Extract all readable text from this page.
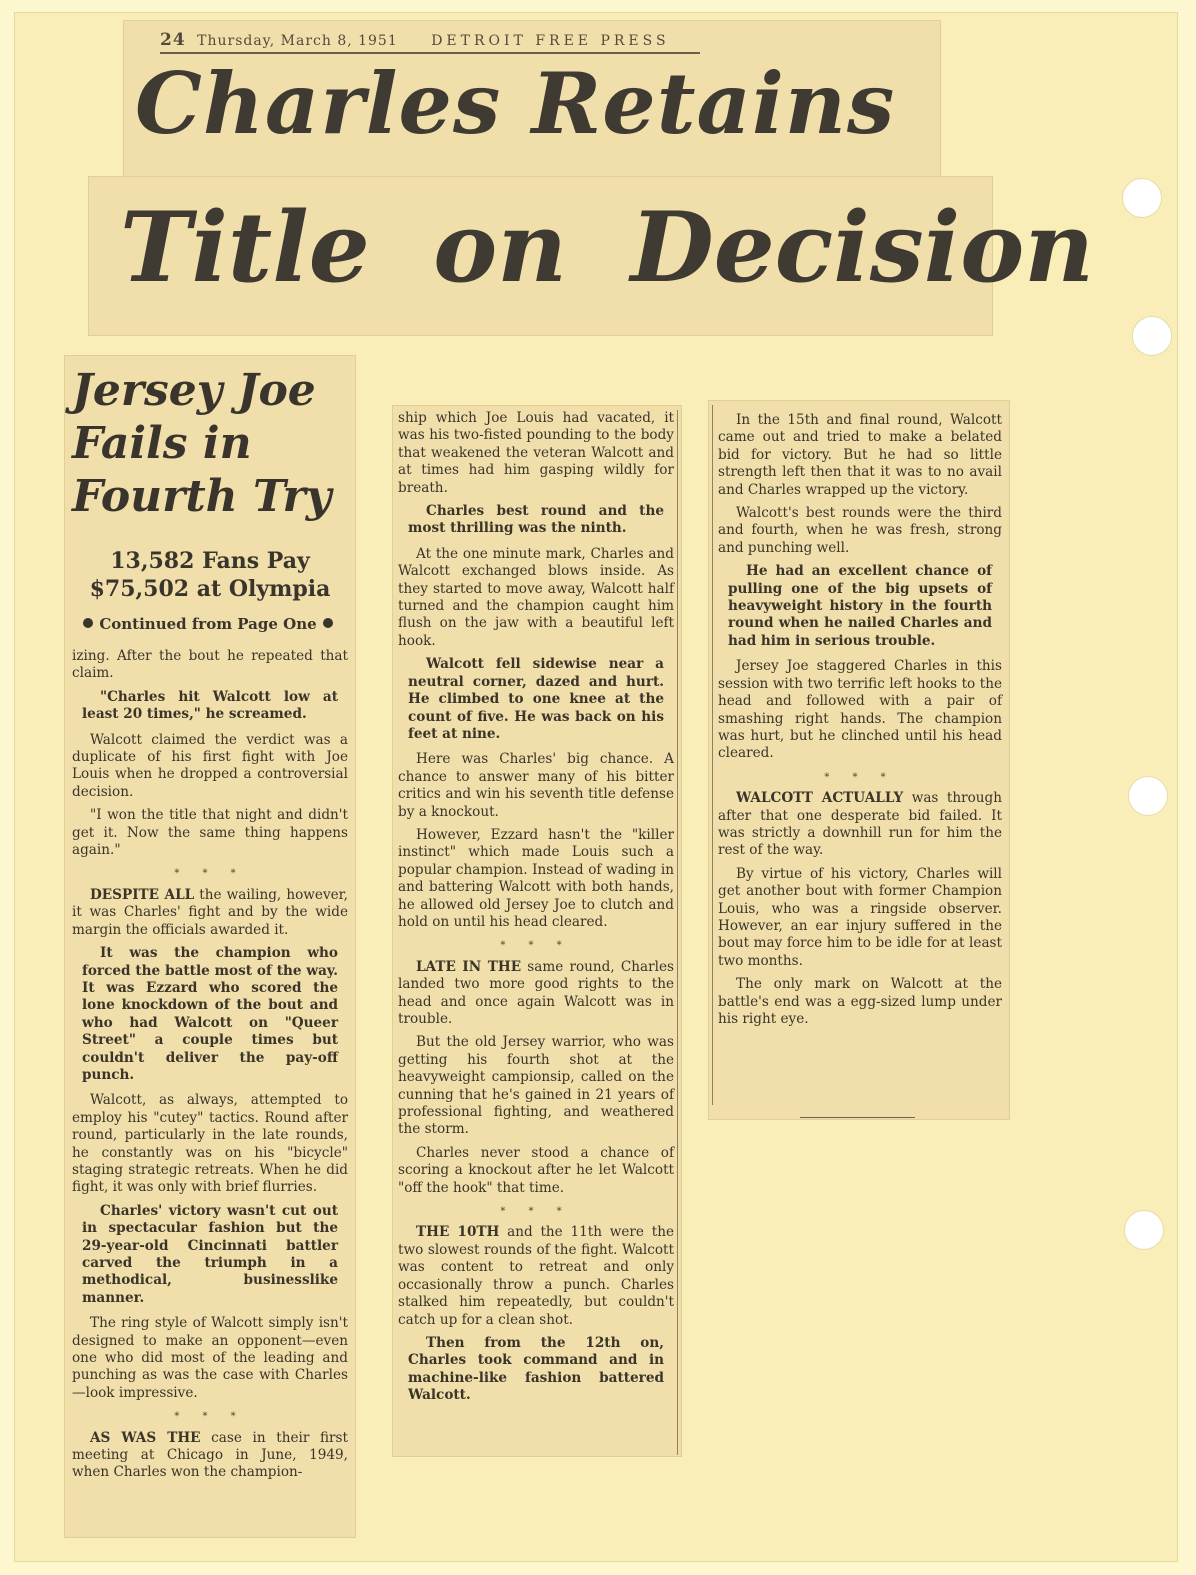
24 Thursday, March 8, 1951 DETROIT FREE PRESS
Charles Retains
Title on Decision
Jersey Joe
Fails in
Fourth Try
13,582 Fans Pay
$75,502 at Olympia
Continued from Page One

izing. After the bout he repeated that claim.

"Charles hit Walcott low at least 20 times," he screamed.

Walcott claimed the verdict was a duplicate of his first fight with Joe Louis when he dropped a controversial decision.

"I won the title that night and didn't get it. Now the same thing happens again."

* * *

DESPITE ALL the wailing, however, it was Charles' fight and by the wide margin the officials awarded it.

It was the champion who forced the battle most of the way. It was Ezzard who scored the lone knockdown of the bout and who had Walcott on "Queer Street" a couple times but couldn't deliver the pay-off punch.

Walcott, as always, attempted to employ his "cutey" tactics. Round after round, particularly in the late rounds, he constantly was on his "bicycle" staging strategic retreats. When he did fight, it was only with brief flurries.

Charles' victory wasn't cut out in spectacular fashion but the 29-year-old Cincinnati battler carved the triumph in a methodical, businesslike manner.

The ring style of Walcott simply isn't designed to make an opponent—even one who did most of the leading and punching as was the case with Charles—look impressive.

* * *

AS WAS THE case in their first meeting at Chicago in June, 1949, when Charles won the champion-

ship which Joe Louis had vacated, it was his two-fisted pounding to the body that weakened the veteran Walcott and at times had him gasping wildly for breath.

Charles best round and the most thrilling was the ninth.

At the one minute mark, Charles and Walcott exchanged blows inside. As they started to move away, Walcott half turned and the champion caught him flush on the jaw with a beautiful left hook.

Walcott fell sidewise near a neutral corner, dazed and hurt. He climbed to one knee at the count of five. He was back on his feet at nine.

Here was Charles' big chance. A chance to answer many of his bitter critics and win his seventh title defense by a knockout.

However, Ezzard hasn't the "killer instinct" which made Louis such a popular champion. Instead of wading in and battering Walcott with both hands, he allowed old Jersey Joe to clutch and hold on until his head cleared.

* * *

LATE IN THE same round, Charles landed two more good rights to the head and once again Walcott was in trouble.

But the old Jersey warrior, who was getting his fourth shot at the heavyweight campionsip, called on the cunning that he's gained in 21 years of professional fighting, and weathered the storm.

Charles never stood a chance of scoring a knockout after he let Walcott "off the hook" that time.

* * *

THE 10TH and the 11th were the two slowest rounds of the fight. Walcott was content to retreat and only occasionally throw a punch. Charles stalked him repeatedly, but couldn't catch up for a clean shot.

Then from the 12th on, Charles took command and in machine-like fashion battered Walcott.

In the 15th and final round, Walcott came out and tried to make a belated bid for victory. But he had so little strength left then that it was to no avail and Charles wrapped up the victory.

Walcott's best rounds were the third and fourth, when he was fresh, strong and punching well.

He had an excellent chance of pulling one of the big upsets of heavyweight history in the fourth round when he nailed Charles and had him in serious trouble.

Jersey Joe staggered Charles in this session with two terrific left hooks to the head and followed with a pair of smashing right hands. The champion was hurt, but he clinched until his head cleared.

* * *

WALCOTT ACTUALLY was through after that one desperate bid failed. It was strictly a downhill run for him the rest of the way.

By virtue of his victory, Charles will get another bout with former Champion Louis, who was a ringside observer. However, an ear injury suffered in the bout may force him to be idle for at least two months.

The only mark on Walcott at the battle's end was a egg-sized lump under his right eye.
